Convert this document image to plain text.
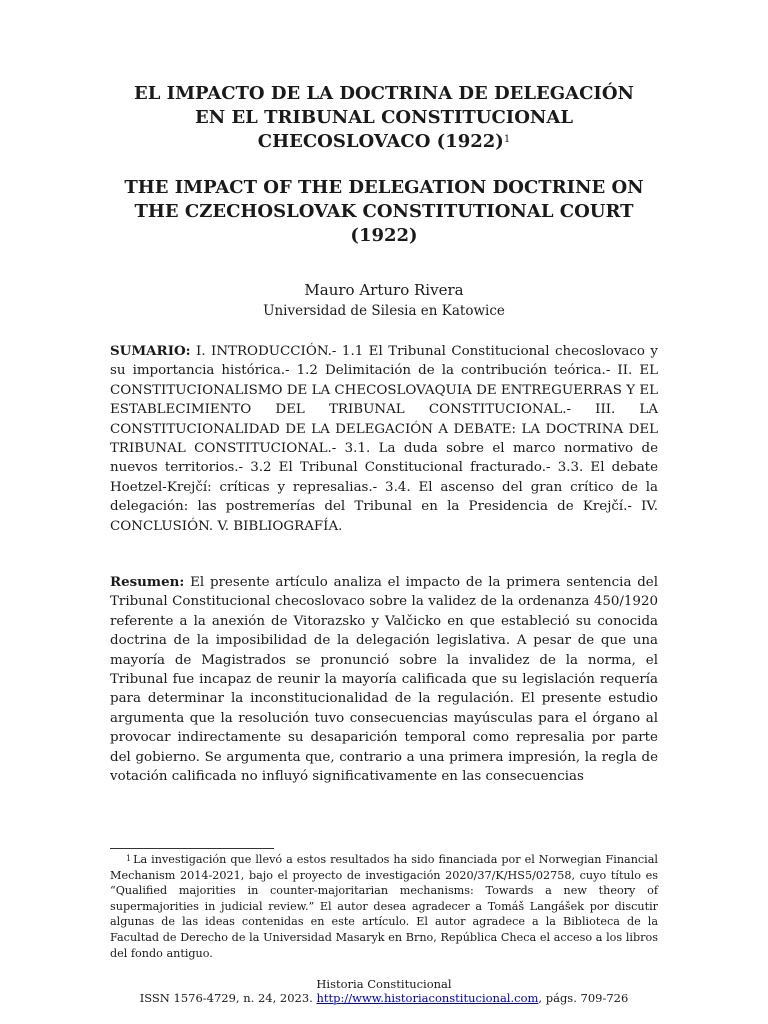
EL IMPACTO DE LA DOCTRINA DE DELEGACIÓN
EN EL TRIBUNAL CONSTITUCIONAL
CHECOSLOVACO $(1922)^1$
THE IMPACT OF THE DELEGATION DOCTRINE ON
THE CZECHOSLOVAK CONSTITUTIONAL COURT
(1922)
Mauro Arturo Rivera
Universidad de Silesia en Katowice

SUMARIO: I. INTRODUCCIÓN.- 1.1 El Tribunal Constitucional checoslovaco y su importancia histórica.- 1.2 Delimitación de la contribución teórica.- II. EL CONSTITUCIONALISMO DE LA CHECOSLOVAQUIA DE ENTREGUERRAS Y EL ESTABLECIMIENTO DEL TRIBUNAL CONSTITUCIONAL.- III. LA CONSTITUCIONALIDAD DE LA DELEGACIÓN A DEBATE: LA DOCTRINA DEL TRIBUNAL CONSTITUCIONAL.- 3.1. La duda sobre el marco normativo de nuevos territorios.- 3.2 El Tribunal Constitucional fracturado.- 3.3. El debate Hoetzel-Krejčí: críticas y represalias.- 3.4. El ascenso del gran crítico de la delegación: las postremerías del Tribunal en la Presidencia de Krejčí.- IV. CONCLUSIÓN. V. BIBLIOGRAFÍA.

Resumen: El presente artículo analiza el impacto de la primera sentencia del Tribunal Constitucional checoslovaco sobre la validez de la ordenanza 450/1920 referente a la anexión de Vitorazsko y Valčicko en que estableció su conocida doctrina de la imposibilidad de la delegación legislativa. A pesar de que una mayoría de Magistrados se pronunció sobre la invalidez de la norma, el Tribunal fue incapaz de reunir la mayoría calificada que su legislación requería para determinar la inconstitucionalidad de la regulación. El presente estudio argumenta que la resolución tuvo consecuencias mayúsculas para el órgano al provocar indirectamente su desaparición temporal como represalia por parte del gobierno. Se argumenta que, contrario a una primera impresión, la regla de votación calificada no influyó significativamente en las consecuencias

$^1$ La investigación que llevó a estos resultados ha sido financiada por el Norwegian Financial Mechanism 2014-2021, bajo el proyecto de investigación 2020/37/K/HS5/02758, cuyo título es “Qualified majorities in counter-majoritarian mechanisms: Towards a new theory of supermajorities in judicial review.” El autor desea agradecer a Tomáš Langášek por discutir algunas de las ideas contenidas en este artículo. El autor agradece a la Biblioteca de la Facultad de Derecho de la Universidad Masaryk en Brno, República Checa el acceso a los libros del fondo antiguo.

Historia Constitucional
ISSN 1576-4729, n. 24, 2023. http://www.historiaconstitucional.com, págs. 709-726
